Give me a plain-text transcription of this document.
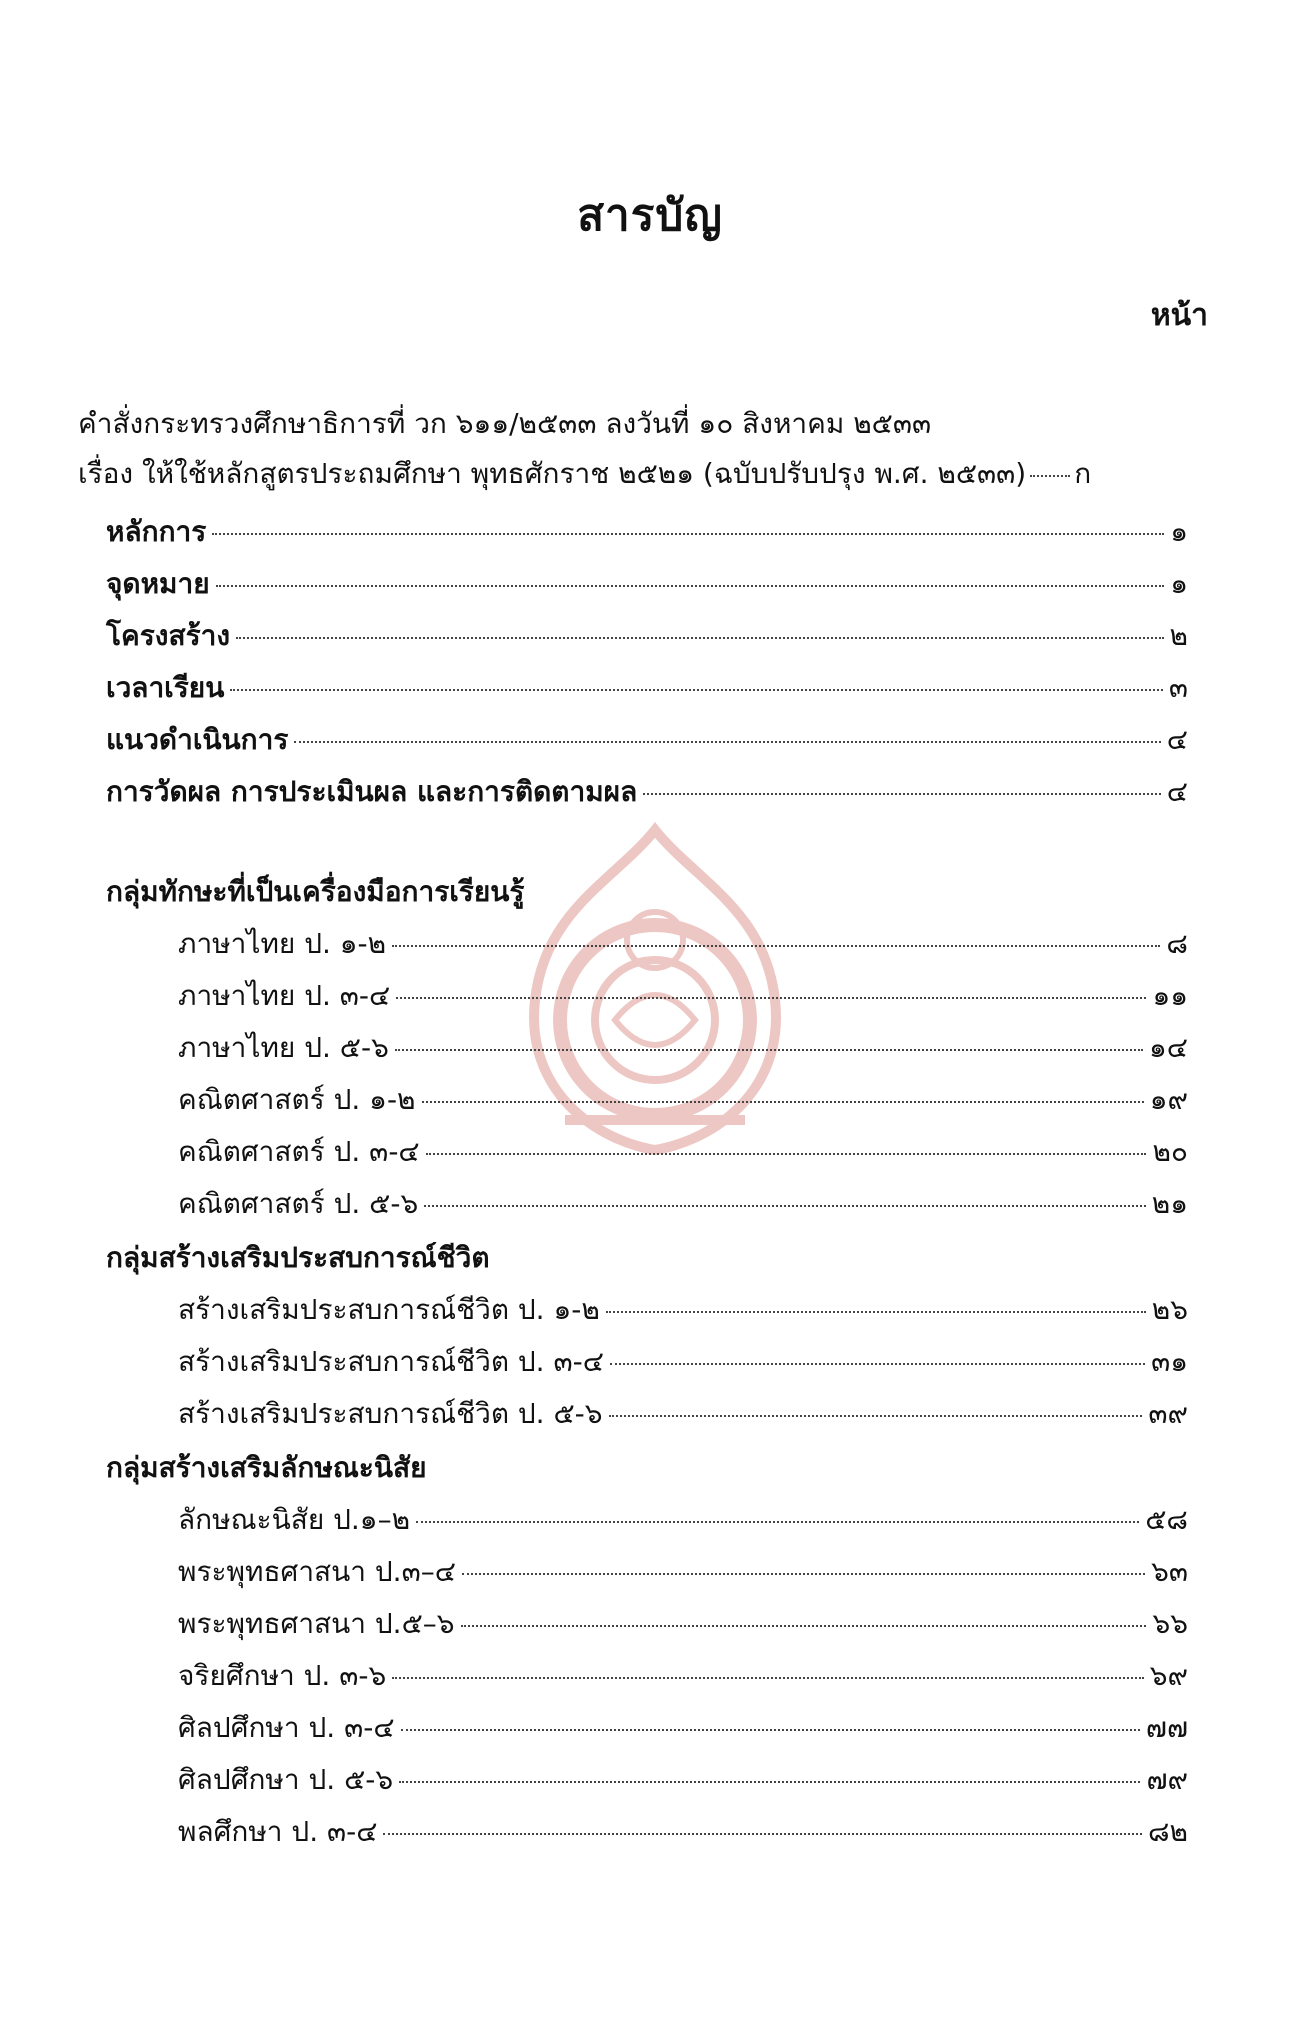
สารบัญ
หน้า
คำสั่งกระทรวงศึกษาธิการที่ วก ๖๑๑/๒๕๓๓ ลงวันที่ ๑๐ สิงหาคม ๒๕๓๓
เรื่อง ให้ใช้หลักสูตรประถมศึกษา พุทธศักราช ๒๕๒๑ (ฉบับปรับปรุง พ.ศ. ๒๕๓๓) ก
หลักการ	๑
จุดหมาย	๑
โครงสร้าง	๒
เวลาเรียน	๓
แนวดำเนินการ	๔
การวัดผล การประเมินผล และการติดตามผล	๔
กลุ่มทักษะที่เป็นเครื่องมือการเรียนรู้
ภาษาไทย ป. ๑-๒	๘
ภาษาไทย ป. ๓-๔	๑๑
ภาษาไทย ป. ๕-๖	๑๔
คณิตศาสตร์ ป. ๑-๒	๑๙
คณิตศาสตร์ ป. ๓-๔	๒๐
คณิตศาสตร์ ป. ๕-๖	๒๑
กลุ่มสร้างเสริมประสบการณ์ชีวิต
สร้างเสริมประสบการณ์ชีวิต ป. ๑-๒	๒๖
สร้างเสริมประสบการณ์ชีวิต ป. ๓-๔	๓๑
สร้างเสริมประสบการณ์ชีวิต ป. ๕-๖	๓๙
กลุ่มสร้างเสริมลักษณะนิสัย
ลักษณะนิสัย ป.๑–๒	๕๘
พระพุทธศาสนา ป.๓–๔	๖๓
พระพุทธศาสนา ป.๕–๖	๖๖
จริยศึกษา ป. ๓-๖	๖๙
ศิลปศึกษา ป. ๓-๔	๗๗
ศิลปศึกษา ป. ๕-๖	๗๙
พลศึกษา ป. ๓-๔	๘๒
